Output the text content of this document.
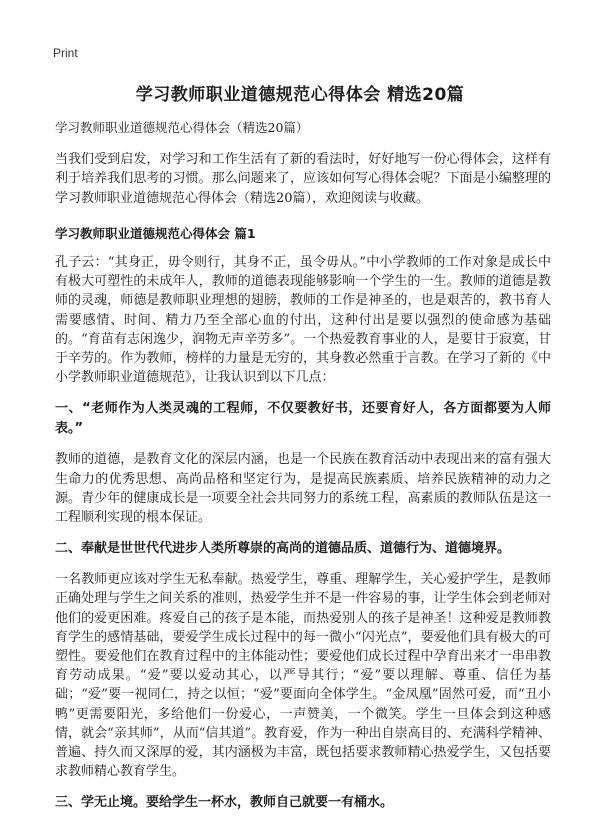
Print
学习教师职业道德规范心得体会 精选20篇

学习教师职业道德规范心得体会（精选20篇）

当我们受到启发，对学习和工作生活有了新的看法时，好好地写一份心得体会，这样有利于培养我们思考的习惯。那么问题来了，应该如何写心得体会呢？下面是小编整理的学习教师职业道德规范心得体会（精选20篇），欢迎阅读与收藏。

学习教师职业道德规范心得体会 篇1

孔子云：“其身正，毋令则行，其身不正，虽令毋从。”中小学教师的工作对象是成长中有极大可塑性的未成年人，教师的道德表现能够影响一个学生的一生。教师的道德是教师的灵魂，师德是教师职业理想的翅膀，教师的工作是神圣的，也是艰苦的，教书育人需要感情、时间、精力乃至全部心血的付出，这种付出是要以强烈的使命感为基础的。“育苗有志闲逸少，润物无声辛劳多”。一个热爱教育事业的人，是要甘于寂寞，甘于辛劳的。作为教师，榜样的力量是无穷的，其身教必然重于言教。在学习了新的《中小学教师职业道德规范》，让我认识到以下几点：

一、“老师作为人类灵魂的工程师，不仅要教好书，还要育好人，各方面都要为人师表。”

教师的道德，是教育文化的深层内涵，也是一个民族在教育活动中表现出来的富有强大生命力的优秀思想、高尚品格和坚定行为，是提高民族素质、培养民族精神的动力之源。青少年的健康成长是一项要全社会共同努力的系统工程，高素质的教师队伍是这一工程顺利实现的根本保证。

二、奉献是世世代代进步人类所尊崇的高尚的道德品质、道德行为、道德境界。

一名教师更应该对学生无私奉献。热爱学生，尊重、理解学生，关心爱护学生，是教师正确处理与学生之间关系的准则，热爱学生并不是一件容易的事，让学生体会到老师对他们的爱更困难。疼爱自己的孩子是本能，而热爱别人的孩子是神圣！这种爱是教师教育学生的感情基础，要爱学生成长过程中的每一微小“闪光点”，要爱他们具有极大的可塑性。要爱他们在教育过程中的主体能动性；要爱他们成长过程中孕育出来才一串串教育劳动成果。“爱”要以爱动其心，以严导其行；“爱”要以理解、尊重、信任为基础；“爱”要一视同仁，持之以恒；“爱”要面向全体学生。“金凤凰”固然可爱，而“丑小鸭”更需要阳光，多给他们一份爱心，一声赞美，一个微笑。学生一旦体会到这种感情，就会“亲其师”，从而“信其道”。教育爱，作为一种出自崇高目的、充满科学精神、普遍、持久而又深厚的爱，其内涵极为丰富，既包括要求教师精心热爱学生，又包括要求教师精心教育学生。

三、学无止境。要给学生一杯水，教师自己就要一有桶水。
